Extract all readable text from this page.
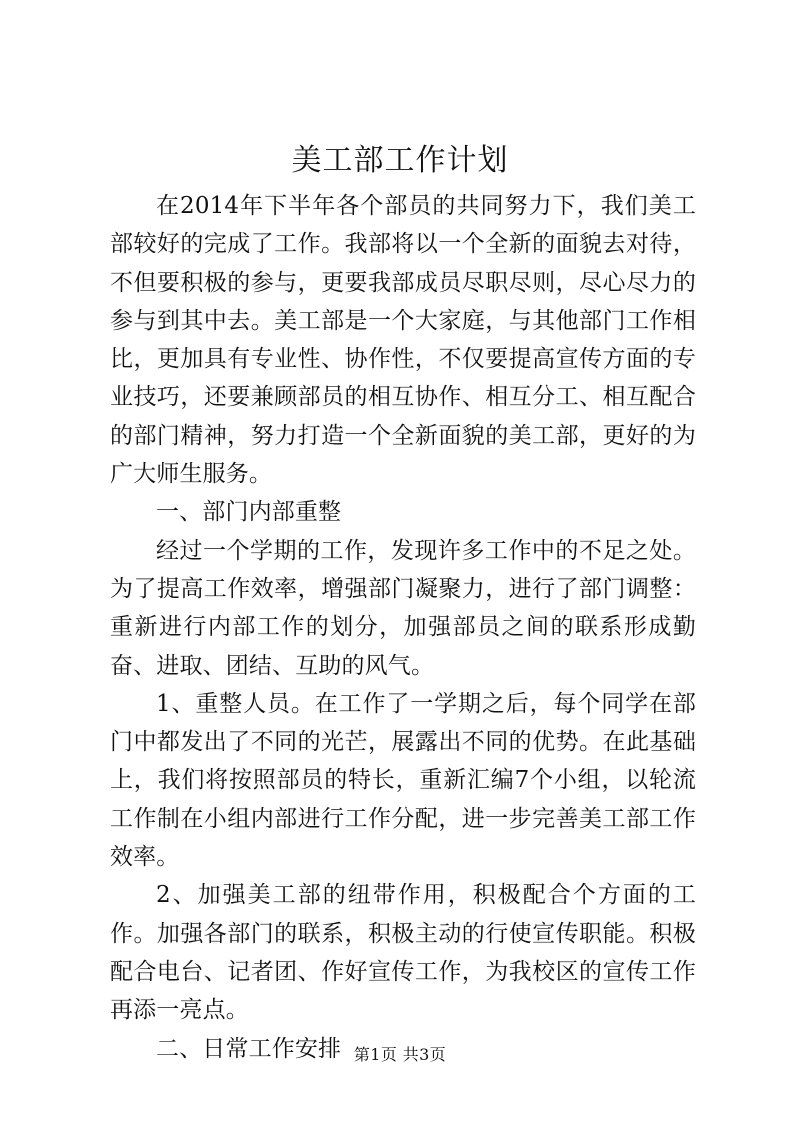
美工部工作计划

在2014年下半年各个部员的共同努力下，我们美工部较好的完成了工作。我部将以一个全新的面貌去对待，不但要积极的参与，更要我部成员尽职尽则，尽心尽力的参与到其中去。美工部是一个大家庭，与其他部门工作相比，更加具有专业性、协作性，不仅要提高宣传方面的专业技巧，还要兼顾部员的相互协作、相互分工、相互配合的部门精神，努力打造一个全新面貌的美工部，更好的为广大师生服务。

一、部门内部重整

经过一个学期的工作，发现许多工作中的不足之处。为了提高工作效率，增强部门凝聚力，进行了部门调整：重新进行内部工作的划分，加强部员之间的联系形成勤奋、进取、团结、互助的风气。

1、重整人员。在工作了一学期之后，每个同学在部门中都发出了不同的光芒，展露出不同的优势。在此基础上，我们将按照部员的特长，重新汇编7个小组，以轮流工作制在小组内部进行工作分配，进一步完善美工部工作效率。

2、加强美工部的纽带作用，积极配合个方面的工作。加强各部门的联系，积极主动的行使宣传职能。积极配合电台、记者团、作好宣传工作，为我校区的宣传工作再添一亮点。

二、日常工作安排 第1页 共3页
